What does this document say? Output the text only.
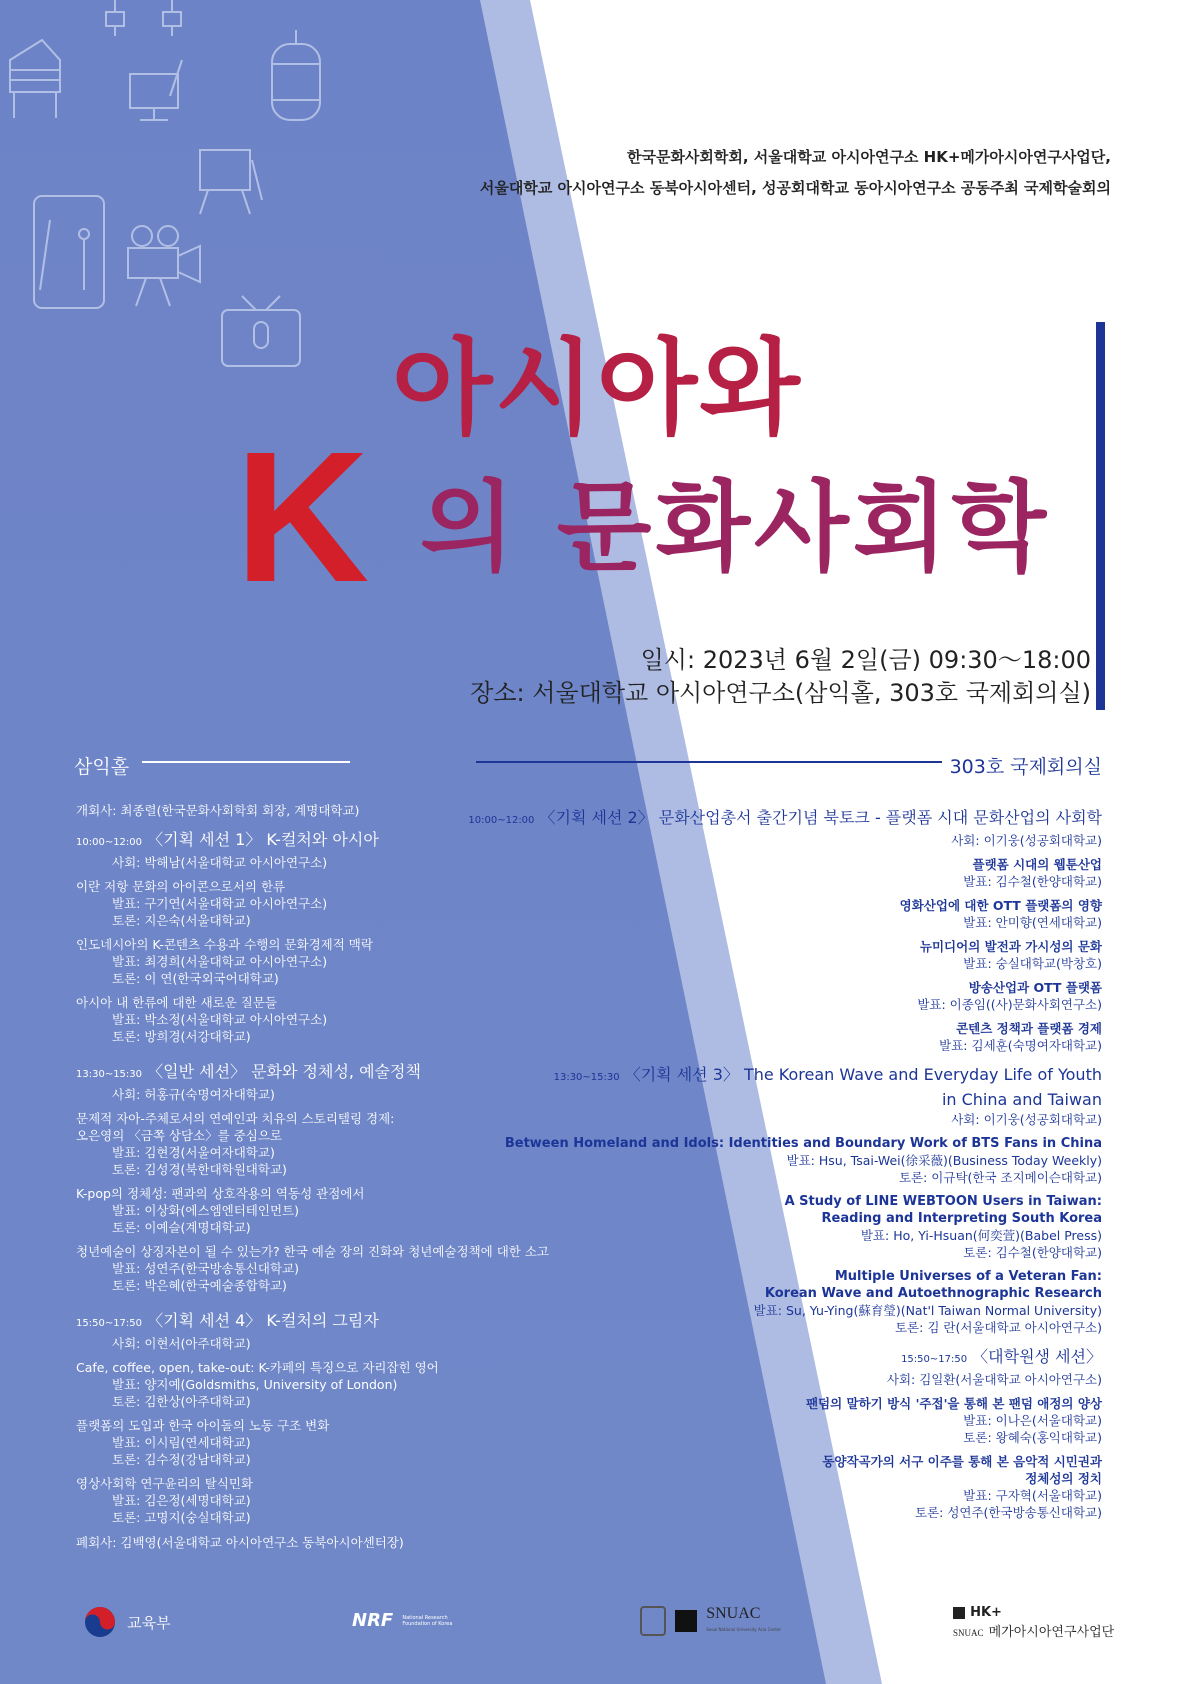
한국문화사회학회, 서울대학교 아시아연구소 HK+메가아시아연구사업단,
서울대학교 아시아연구소 동북아시아센터, 성공회대학교 동아시아연구소 공동주최 국제학술회의
아시아와
K 의 문화사회학
일시: 2023년 6월 2일(금) 09:30～18:00
장소: 서울대학교 아시아연구소(삼익홀, 303호 국제회의실)
삼익홀	303호 국제회의실
개회사: 최종렬(한국문화사회학회 회장, 계명대학교)
10:00~12:00 〈기획 세션 1〉 K-컬처와 아시아
사회: 박해남(서울대학교 아시아연구소)
이란 저항 문화의 아이콘으로서의 한류
발표: 구기연(서울대학교 아시아연구소)
토론: 지은숙(서울대학교)
인도네시아의 K-콘텐츠 수용과 수행의 문화경제적 맥락
발표: 최경희(서울대학교 아시아연구소)
토론: 이 연(한국외국어대학교)
아시아 내 한류에 대한 새로운 질문들
발표: 박소정(서울대학교 아시아연구소)
토론: 방희경(서강대학교)
13:30~15:30 〈일반 세션〉 문화와 정체성, 예술정책
사회: 허홍규(숙명여자대학교)
문제적 자아-주체로서의 연예인과 치유의 스토리텔링 경제:
오은영의 〈금쪽 상담소〉를 중심으로
발표: 김현경(서울여자대학교)
토론: 김성경(북한대학원대학교)
K-pop의 정체성: 팬과의 상호작용의 역동성 관점에서
발표: 이상화(에스엠엔터테인먼트)
토론: 이예슬(계명대학교)
청년예술이 상징자본이 될 수 있는가? 한국 예술 장의 진화와 청년예술정책에 대한 소고
발표: 성연주(한국방송통신대학교)
토론: 박은혜(한국예술종합학교)
15:50~17:50 〈기획 세션 4〉 K-컬처의 그림자
사회: 이현서(아주대학교)
Cafe, coffee, open, take-out: K-카페의 특징으로 자리잡힌 영어
발표: 양지예(Goldsmiths, University of London)
토론: 김한상(아주대학교)
플랫폼의 도입과 한국 아이돌의 노동 구조 변화
발표: 이시림(연세대학교)
토론: 김수정(강남대학교)
영상사회학 연구윤리의 탈식민화
발표: 김은정(세명대학교)
토론: 고명지(숭실대학교)
폐회사: 김백영(서울대학교 아시아연구소 동북아시아센터장)
10:00~12:00 〈기획 세션 2〉 문화산업총서 출간기념 북토크 - 플랫폼 시대 문화산업의 사회학
사회: 이기웅(성공회대학교)
플랫폼 시대의 웹툰산업
발표: 김수철(한양대학교)
영화산업에 대한 OTT 플랫폼의 영향
발표: 안미향(연세대학교)
뉴미디어의 발전과 가시성의 문화
발표: 숭실대학교(박창호)
방송산업과 OTT 플랫폼
발표: 이종임((사)문화사회연구소)
콘텐츠 정책과 플랫폼 경제
발표: 김세훈(숙명여자대학교)
13:30~15:30 〈기획 세션 3〉 The Korean Wave and Everyday Life of Youth
in China and Taiwan
사회: 이기웅(성공회대학교)
Between Homeland and Idols: Identities and Boundary Work of BTS Fans in China
발표: Hsu, Tsai-Wei(徐采薇)(Business Today Weekly)
토론: 이규탁(한국 조지메이슨대학교)
A Study of LINE WEBTOON Users in Taiwan:
Reading and Interpreting South Korea
발표: Ho, Yi-Hsuan(何奕萱)(Babel Press)
토론: 김수철(한양대학교)
Multiple Universes of a Veteran Fan:
Korean Wave and Autoethnographic Research
발표: Su, Yu-Ying(蘇育瑩)(Nat'l Taiwan Normal University)
토론: 김 란(서울대학교 아시아연구소)
15:50~17:50 〈대학원생 세션〉
사회: 김일환(서울대학교 아시아연구소)
팬덤의 말하기 방식 '주접'을 통해 본 팬덤 애정의 양상
발표: 이나은(서울대학교)
토론: 왕혜숙(홍익대학교)
동양작곡가의 서구 이주를 통해 본 음악적 시민권과
정체성의 정치
발표: 구자혁(서울대학교)
토론: 성연주(한국방송통신대학교)
교육부	NRF National Research
Foundation of Korea
SNUAC
Seoul National University Asia Center
HK+
SNUAC 메가아시아연구사업단
